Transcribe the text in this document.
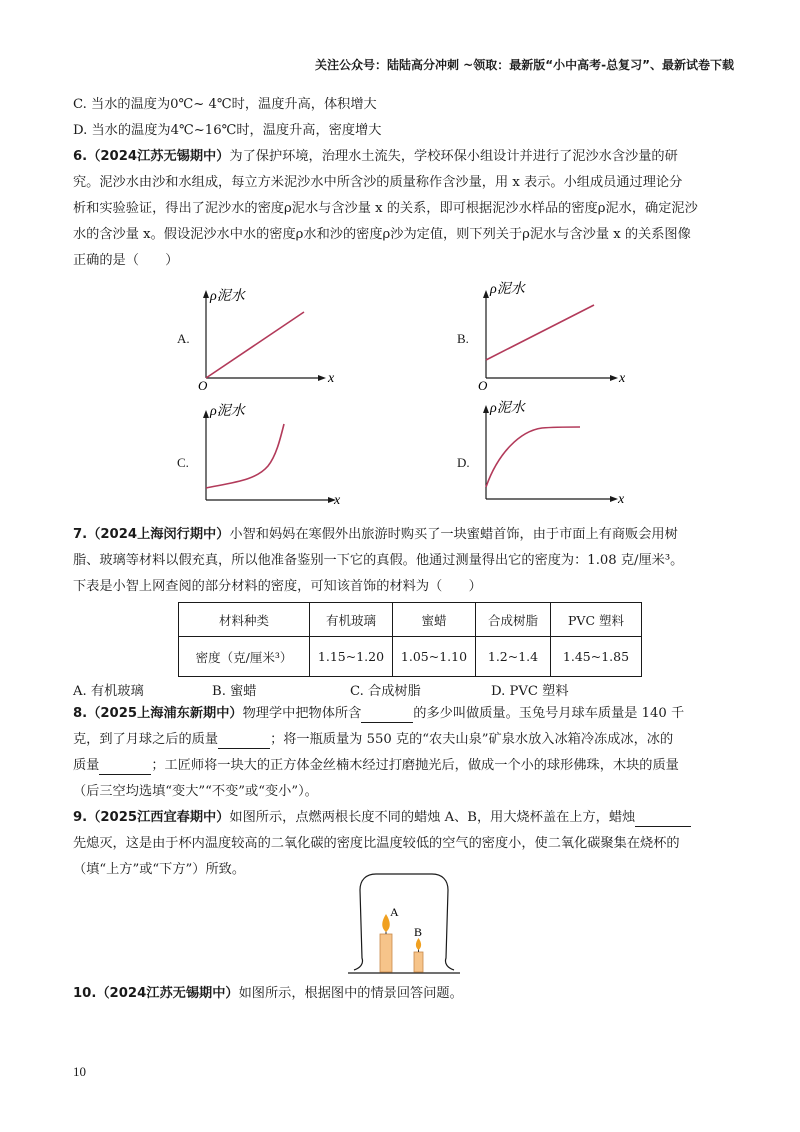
关注公众号：陆陆高分冲刺 ~领取：最新版“小中高考-总复习”、最新试卷下载
C. 当水的温度为0℃~ 4℃时，温度升高，体积增大
D. 当水的温度为4℃~16℃时，温度升高，密度增大
6.（2024江苏无锡期中）为了保护环境，治理水土流失，学校环保小组设计并进行了泥沙水含沙量的研
究。泥沙水由沙和水组成，每立方米泥沙水中所含沙的质量称作含沙量，用 x 表示。小组成员通过理论分
析和实验验证，得出了泥沙水的密度ρ泥水与含沙量 x 的关系，即可根据泥沙水样品的密度ρ泥水，确定泥沙
水的含沙量 x。假设泥沙水中水的密度ρ水和沙的密度ρ沙为定值，则下列关于ρ泥水与含沙量 x 的关系图像
正确的是（　　）
A.
ρ泥水
x
O
B.
ρ泥水
x
O
C.
ρ泥水
x
D.
ρ泥水
x
7.（2024上海闵行期中）小智和妈妈在寒假外出旅游时购买了一块蜜蜡首饰，由于市面上有商贩会用树
脂、玻璃等材料以假充真，所以他准备鉴别一下它的真假。他通过测量得出它的密度为：1.08 克/厘米³。
下表是小智上网查阅的部分材料的密度，可知该首饰的材料为（　　）
材料种类	有机玻璃	蜜蜡	合成树脂	PVC 塑料
密度（克/厘米³）	1.15~1.20	1.05~1.10	1.2~1.4	1.45~1.85
A. 有机玻璃	B. 蜜蜡	C. 合成树脂	D. PVC 塑料
8.（2025上海浦东新期中）物理学中把物体所含	的多少叫做质量。玉兔号月球车质量是 140 千
克，到了月球之后的质量	；将一瓶质量为 550 克的“农夫山泉”矿泉水放入冰箱冷冻成冰，冰的
质量	；工匠师将一块大的正方体金丝楠木经过打磨抛光后，做成一个小的球形佛珠，木块的质量
（后三空均选填“变大”“不变”或“变小”）。
9.（2025江西宜春期中）如图所示，点燃两根长度不同的蜡烛 A、B，用大烧杯盖在上方，蜡烛
先熄灭，这是由于杯内温度较高的二氧化碳的密度比温度较低的空气的密度小，使二氧化碳聚集在烧杯的
（填“上方”或“下方”）所致。
A
B
10.（2024江苏无锡期中）如图所示，根据图中的情景回答问题。
10
